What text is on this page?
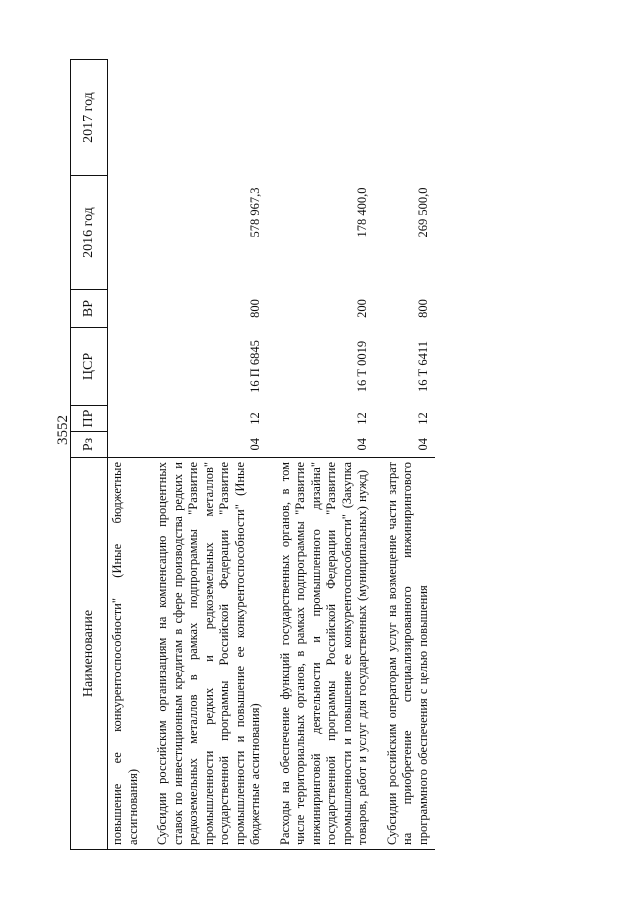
3552
Наименование	Рз	ПР	ЦСР	ВР	2016 год	2017 год
повышение ее конкурентоспособности" (Иные бюджетные ассигнования)						

Субсидии российским организациям на компенсацию процентных ставок по инвестиционным кредитам в сфере производства редких и редкоземельных металлов в рамках подпрограммы "Развитие промышленности редких и редкоземельных металлов" государственной программы Российской Федерации "Развитие промышленности и повышение ее конкурентоспособности" (Иные бюджетные ассигнования)	04	12	16 П 6845	800	578 967,3	

Расходы на обеспечение функций государственных органов, в том числе территориальных органов, в рамках подпрограммы "Развитие инжиниринговой деятельности и промышленного дизайна" государственной программы Российской Федерации "Развитие промышленности и повышение ее конкурентоспособности" (Закупка товаров, работ и услуг для государственных (муниципальных) нужд)	04	12	16 Т 0019	200	178 400,0	

Субсидии российским операторам услуг на возмещение части затрат на приобретение специализированного инжинирингового программного обеспечения с целью повышения	04	12	16 Т 6411	800	269 500,0	
